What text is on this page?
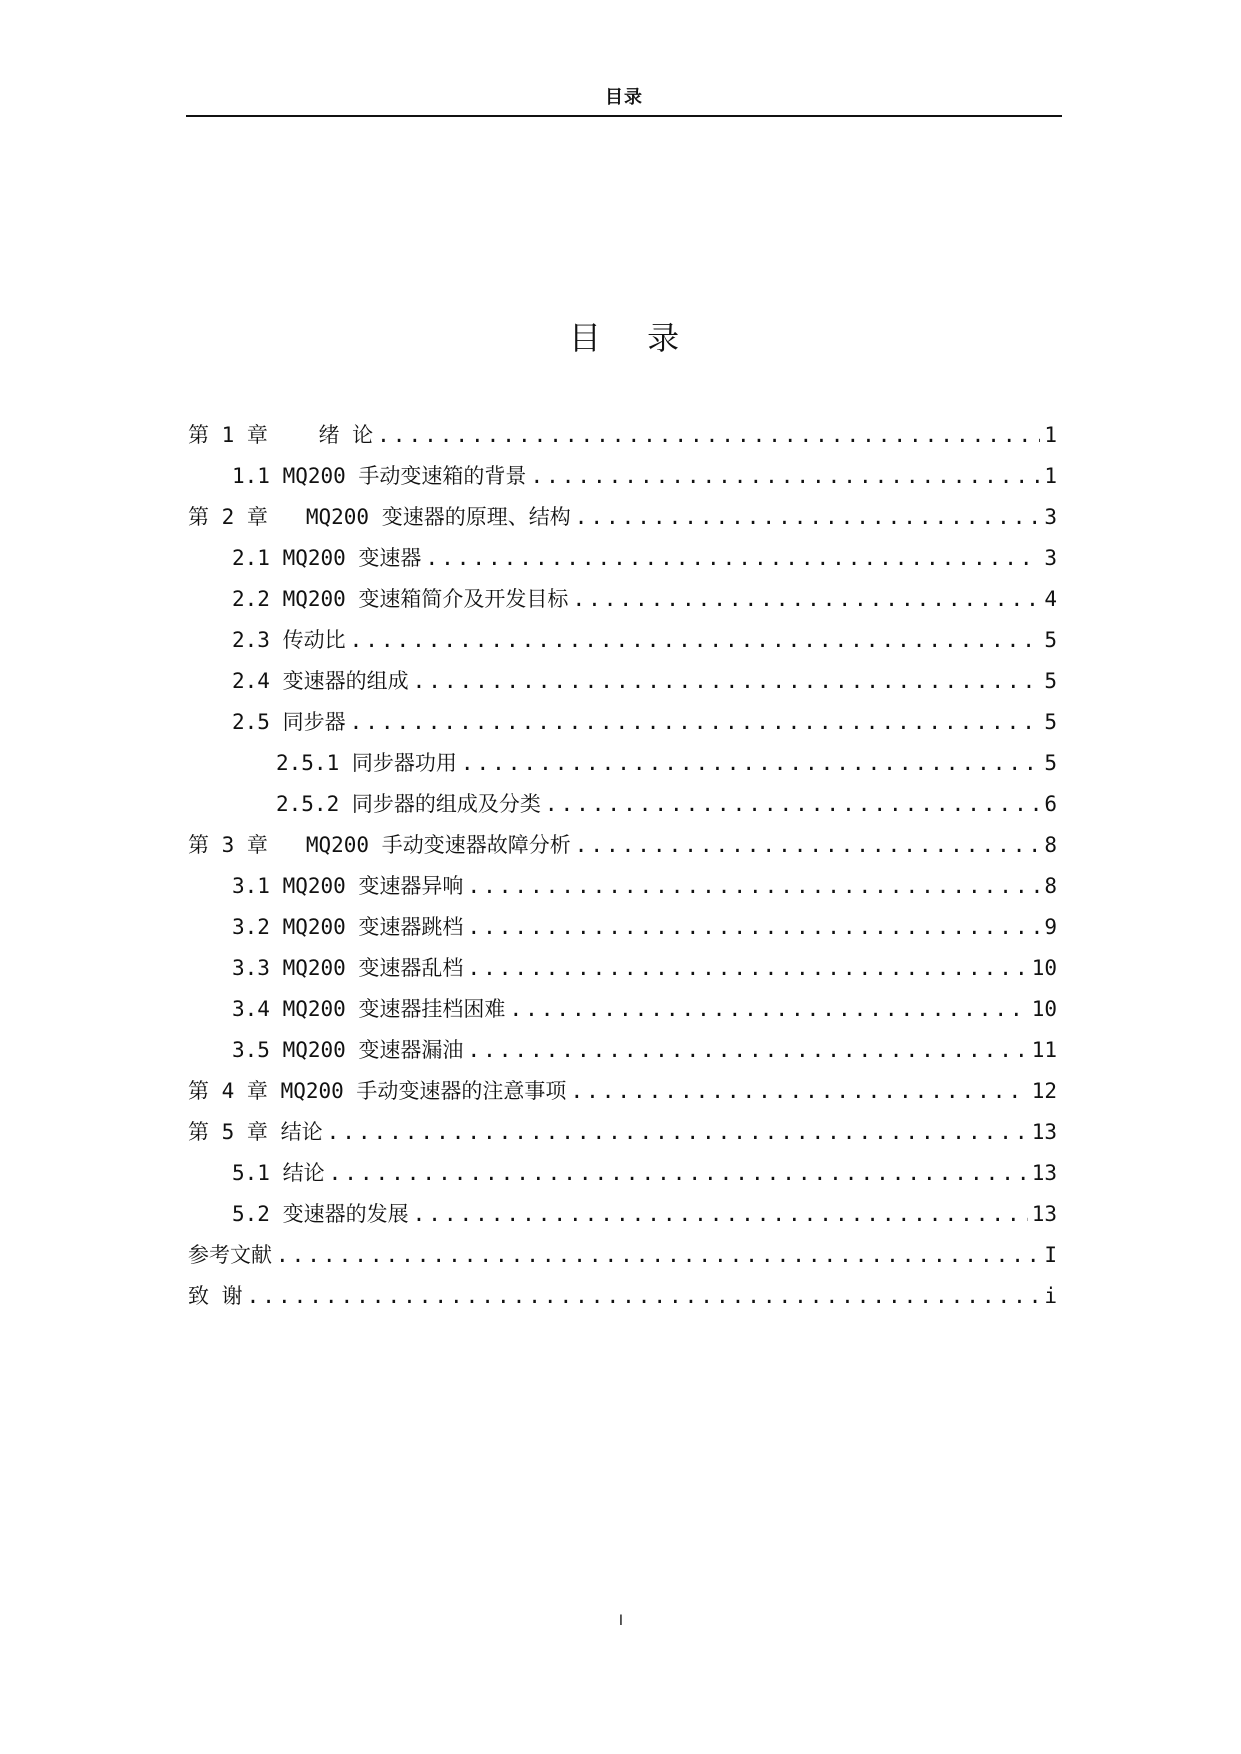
目录
目 录
第 1 章    绪 论 .....	1
1.1 MQ200 手动变速箱的背景 .....	1
第 2 章   MQ200 变速器的原理、结构 .....	3
2.1 MQ200 变速器 .....	3
2.2 MQ200 变速箱简介及开发目标 .....	4
2.3 传动比 .....	5
2.4 变速器的组成 .....	5
2.5 同步器 .....	5
2.5.1 同步器功用 .....	5
2.5.2 同步器的组成及分类 .....	6
第 3 章   MQ200 手动变速器故障分析 .....	8
3.1 MQ200 变速器异响 .....	8
3.2 MQ200 变速器跳档 .....	9
3.3 MQ200 变速器乱档 .....	10
3.4 MQ200 变速器挂档困难 .....	10
3.5 MQ200 变速器漏油 .....	11
第 4 章 MQ200 手动变速器的注意事项 .....	12
第 5 章 结论 .....	13
5.1 结论 .....	13
5.2 变速器的发展 .....	13
参考文献 .....	I
致 谢 .....	i
I
